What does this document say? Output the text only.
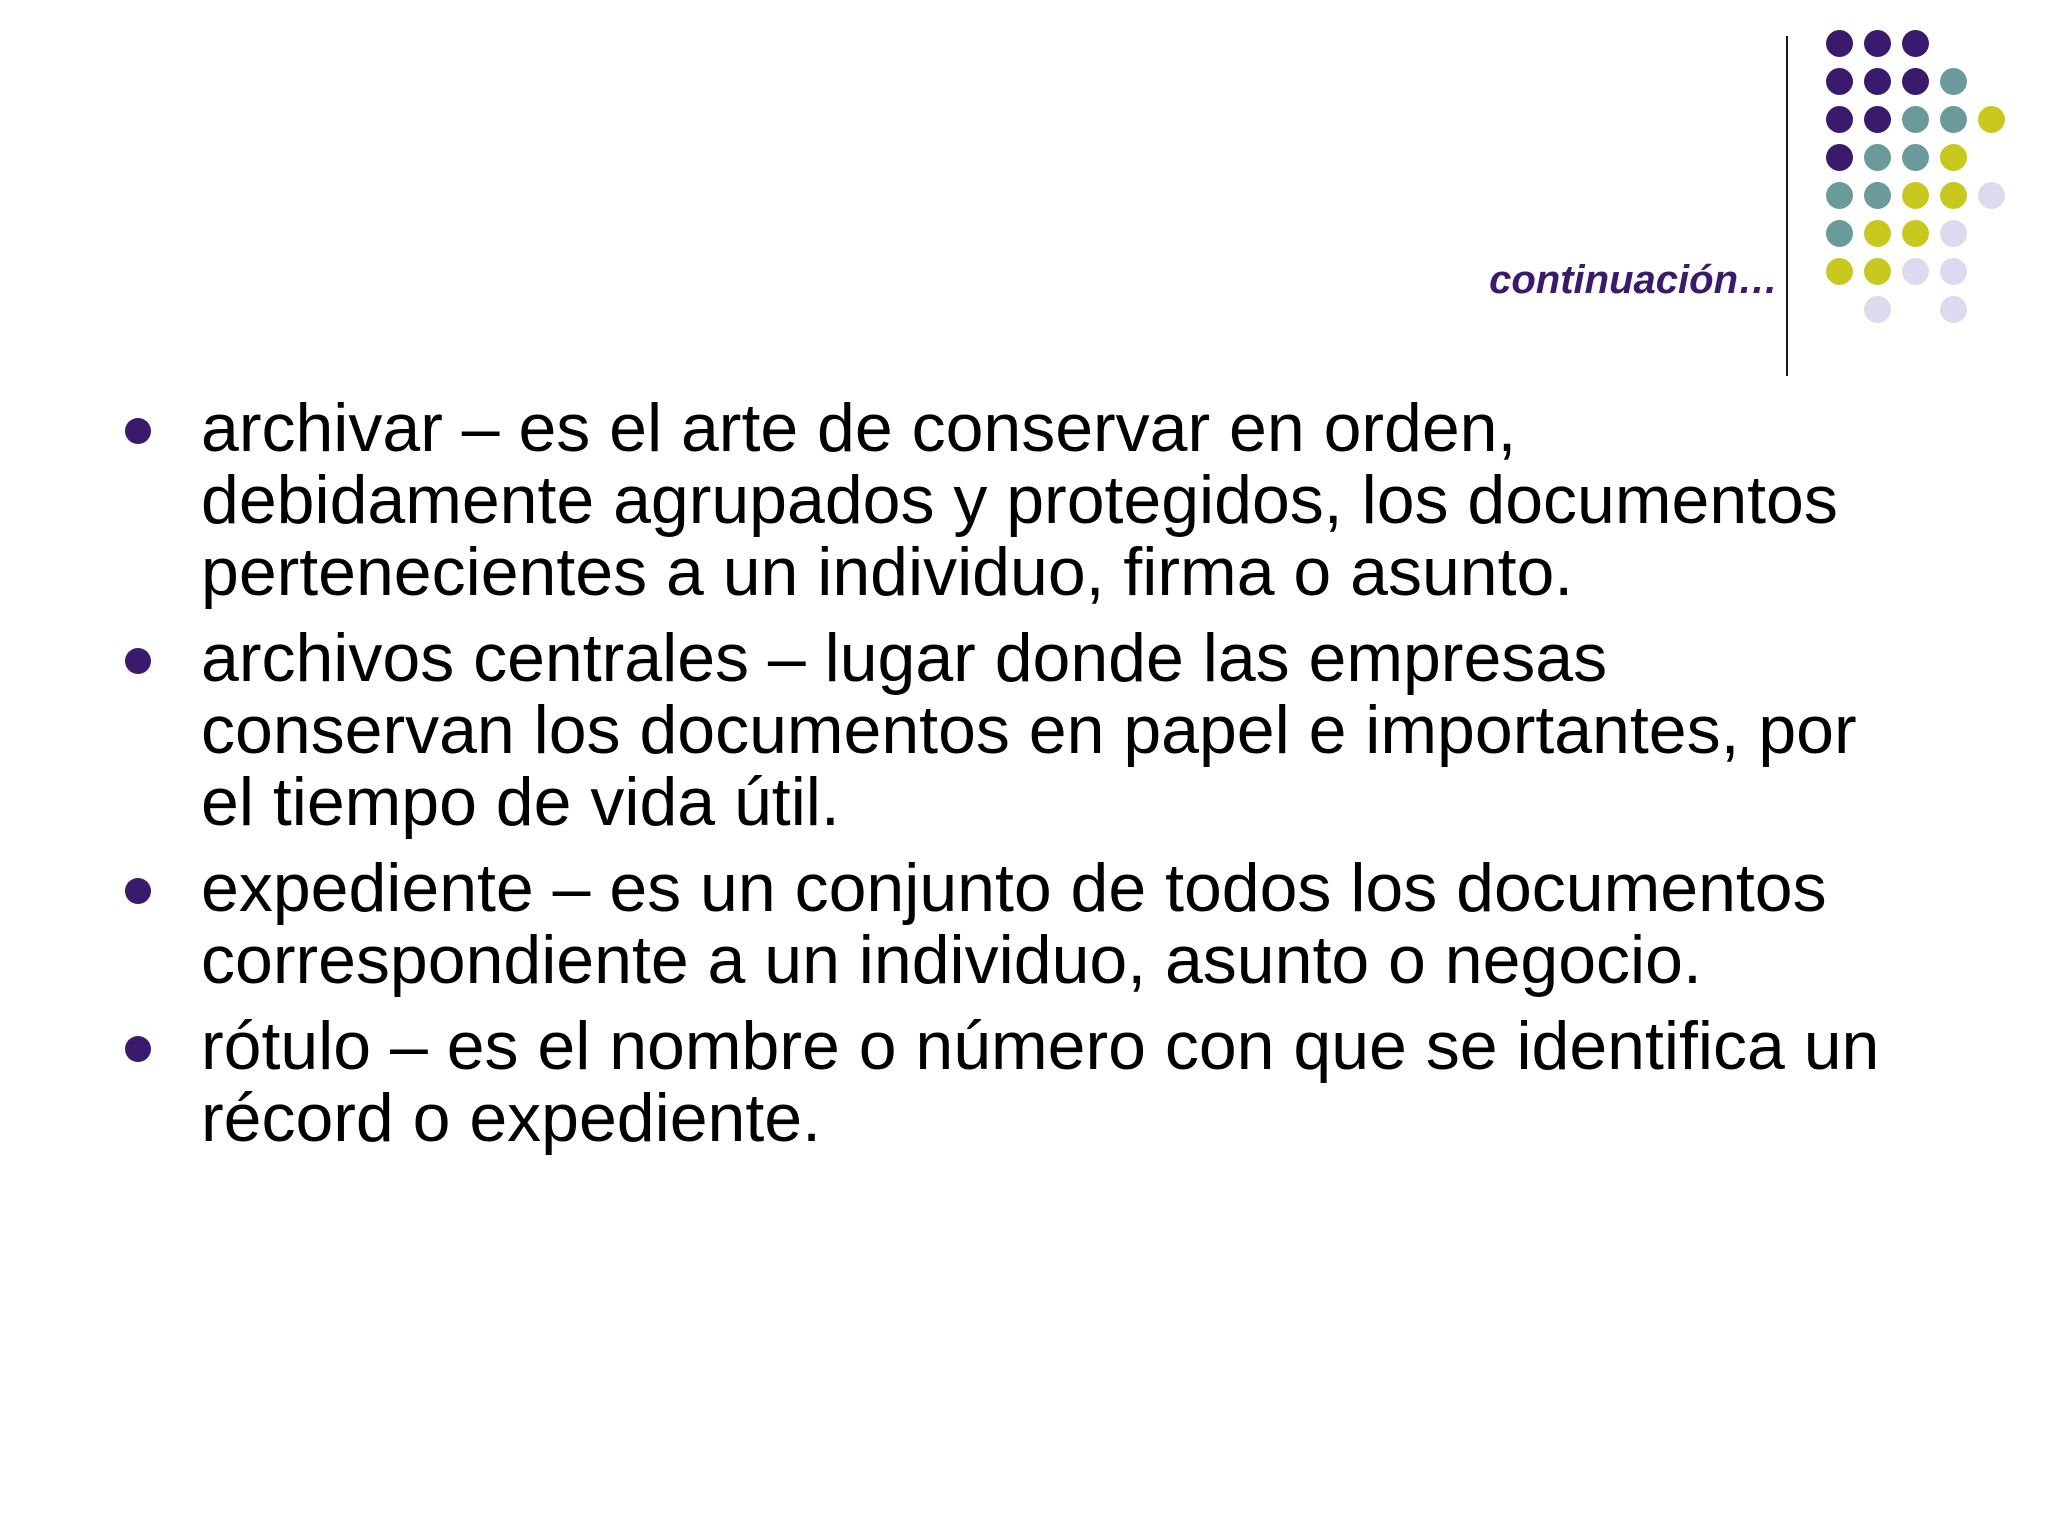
continuación…
archivar – es el arte de conservar en orden, debidamente agrupados y protegidos, los documentos pertenecientes a un individuo, firma o asunto.
archivos centrales – lugar donde las empresas conservan los documentos en papel e importantes, por el tiempo de vida útil.
expediente – es un conjunto de todos los documentos correspondiente a un individuo, asunto o negocio.
rótulo – es el nombre o número con que se identifica un récord o expediente.
